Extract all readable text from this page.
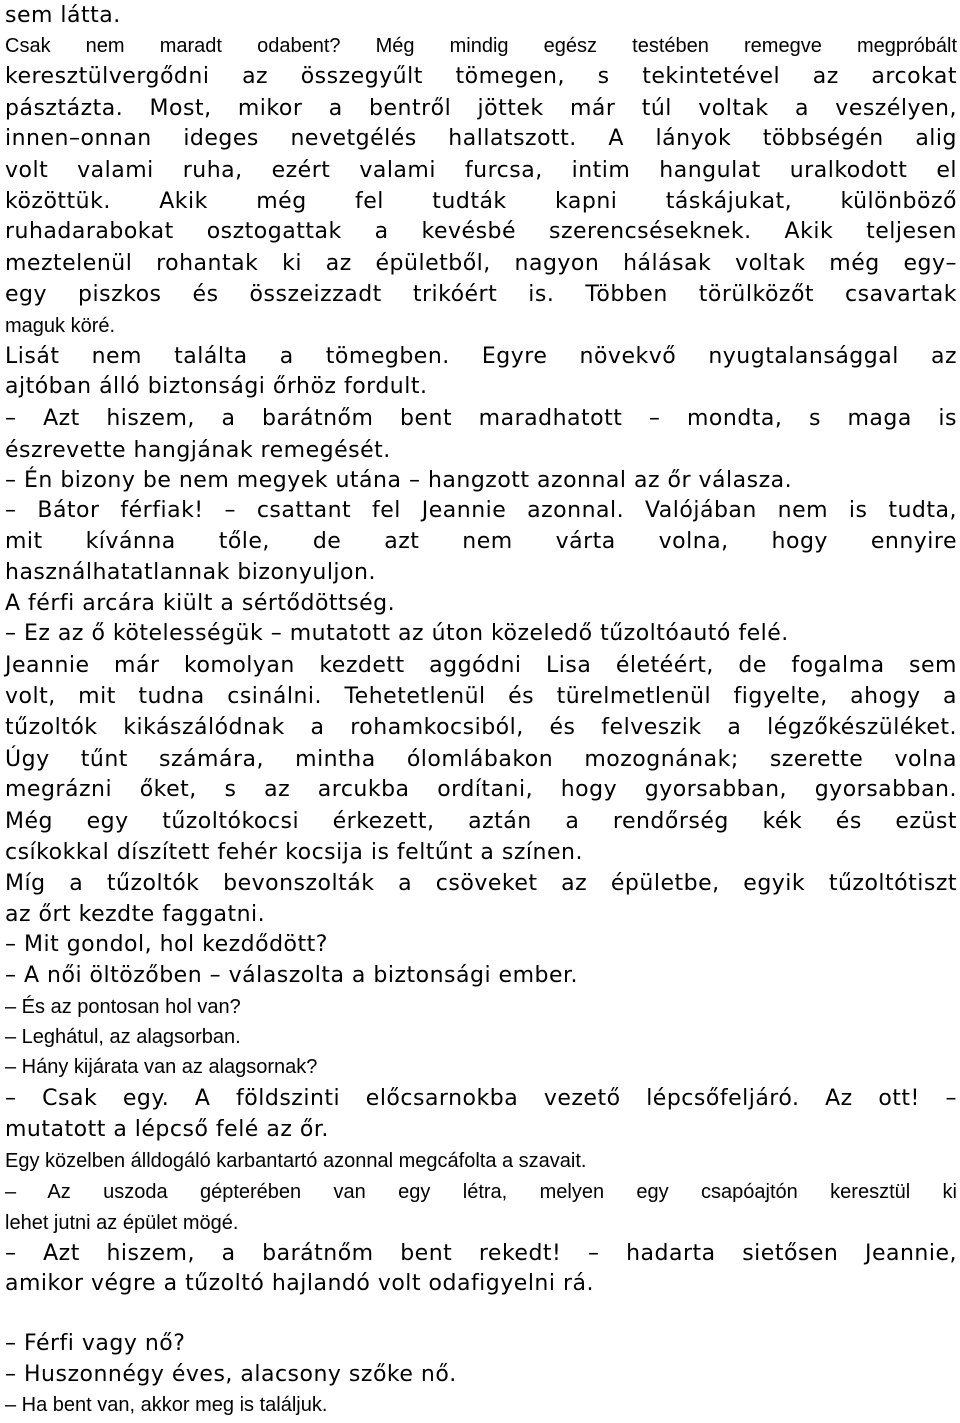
sem látta.

Csak nem maradt odabent? Még mindig egész testében remegve megpróbált

keresztülvergődni az összegyűlt tömegen, s tekintetével az arcokat

pásztázta. Most, mikor a bentről jöttek már túl voltak a veszélyen,

innen–onnan ideges nevetgélés hallatszott. A lányok többségén alig

volt valami ruha, ezért valami furcsa, intim hangulat uralkodott el

közöttük. Akik még fel tudták kapni táskájukat, különböző

ruhadarabokat osztogattak a kevésbé szerencséseknek. Akik teljesen

meztelenül rohantak ki az épületből, nagyon hálásak voltak még egy–

egy piszkos és összeizzadt trikóért is. Többen törülközőt csavartak

maguk köré.

Lisát nem találta a tömegben. Egyre növekvő nyugtalansággal az

ajtóban álló biztonsági őrhöz fordult.

– Azt hiszem, a barátnőm bent maradhatott – mondta, s maga is

észrevette hangjának remegését.

– Én bizony be nem megyek utána – hangzott azonnal az őr válasza.

– Bátor férfiak! – csattant fel Jeannie azonnal. Valójában nem is tudta,

mit kívánna tőle, de azt nem várta volna, hogy ennyire

használhatatlannak bizonyuljon.

A férfi arcára kiült a sértődöttség.

– Ez az ő kötelességük – mutatott az úton közeledő tűzoltóautó felé.

Jeannie már komolyan kezdett aggódni Lisa életéért, de fogalma sem

volt, mit tudna csinálni. Tehetetlenül és türelmetlenül figyelte, ahogy a

tűzoltók kikászálódnak a rohamkocsiból, és felveszik a légzőkészüléket.

Úgy tűnt számára, mintha ólomlábakon mozognának; szerette volna

megrázni őket, s az arcukba ordítani, hogy gyorsabban, gyorsabban.

Még egy tűzoltókocsi érkezett, aztán a rendőrség kék és ezüst

csíkokkal díszített fehér kocsija is feltűnt a színen.

Míg a tűzoltók bevonszolták a csöveket az épületbe, egyik tűzoltótiszt

az őrt kezdte faggatni.

– Mit gondol, hol kezdődött?

– A női öltözőben – válaszolta a biztonsági ember.

– És az pontosan hol van?

– Leghátul, az alagsorban.

– Hány kijárata van az alagsornak?

– Csak egy. A földszinti előcsarnokba vezető lépcsőfeljáró. Az ott! –

mutatott a lépcső felé az őr.

Egy közelben álldogáló karbantartó azonnal megcáfolta a szavait.

– Az uszoda gépterében van egy létra, melyen egy csapóajtón keresztül ki

lehet jutni az épület mögé.

– Azt hiszem, a barátnőm bent rekedt! – hadarta sietősen Jeannie,

amikor végre a tűzoltó hajlandó volt odafigyelni rá.

– Férfi vagy nő?

– Huszonnégy éves, alacsony szőke nő.

– Ha bent van, akkor meg is találjuk.
